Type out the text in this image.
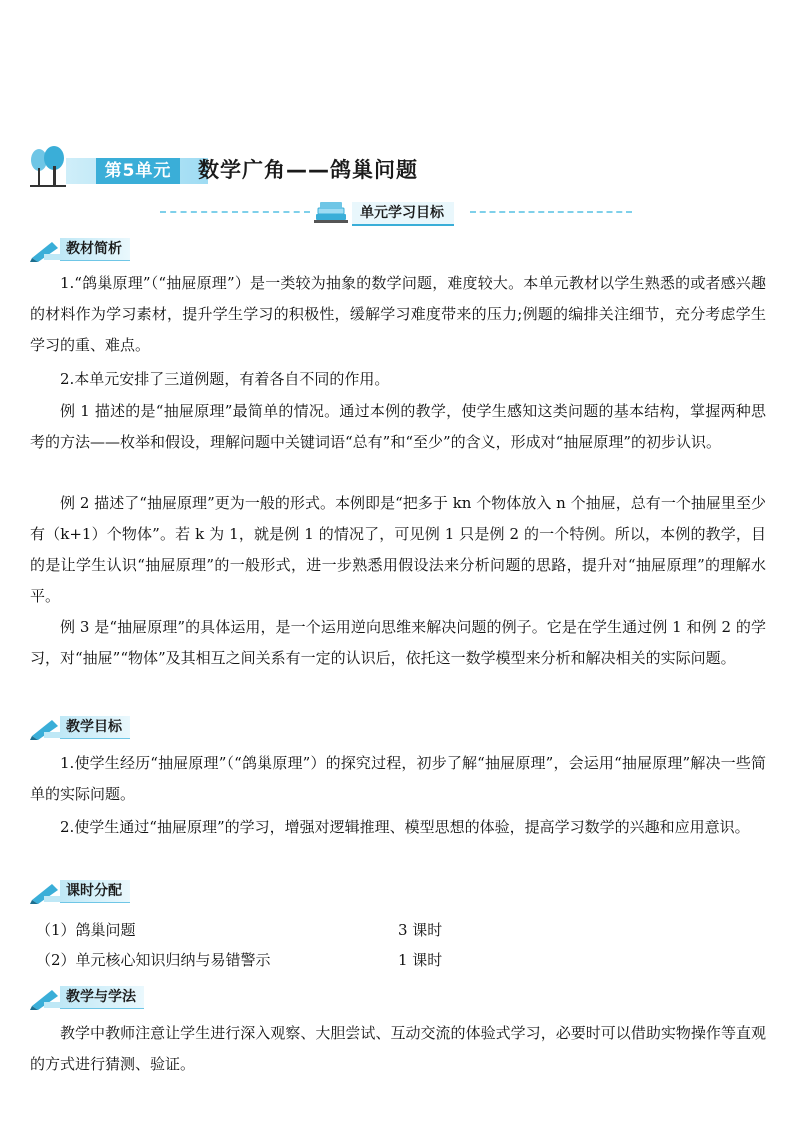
第5单元	数学广角——鸽巢问题
单元学习目标
教材简析
1.“鸽巢原理”（“抽屉原理”）是一类较为抽象的数学问题，难度较大。本单元教材以学生熟悉的或者感兴趣的材料作为学习素材，提升学生学习的积极性，缓解学习难度带来的压力;例题的编排关注细节，充分考虑学生学习的重、难点。
2.本单元安排了三道例题，有着各自不同的作用。
例 1 描述的是“抽屉原理”最简单的情况。通过本例的教学，使学生感知这类问题的基本结构，掌握两种思考的方法——枚举和假设，理解问题中关键词语“总有”和“至少”的含义，形成对“抽屉原理”的初步认识。
例 2 描述了“抽屉原理”更为一般的形式。本例即是“把多于 kn 个物体放入 n 个抽屉，总有一个抽屉里至少有（k+1）个物体”。若 k 为 1，就是例 1 的情况了，可见例 1 只是例 2 的一个特例。所以，本例的教学，目的是让学生认识“抽屉原理”的一般形式，进一步熟悉用假设法来分析问题的思路，提升对“抽屉原理”的理解水平。
例 3 是“抽屉原理”的具体运用，是一个运用逆向思维来解决问题的例子。它是在学生通过例 1 和例 2 的学习，对“抽屉”“物体”及其相互之间关系有一定的认识后，依托这一数学模型来分析和解决相关的实际问题。
教学目标
1.使学生经历“抽屉原理”（“鸽巢原理”）的探究过程，初步了解“抽屉原理”，会运用“抽屉原理”解决一些简单的实际问题。
2.使学生通过“抽屉原理”的学习，增强对逻辑推理、模型思想的体验，提高学习数学的兴趣和应用意识。
课时分配
（1）鸽巢问题	3 课时
（2）单元核心知识归纳与易错警示	1 课时
教学与学法
教学中教师注意让学生进行深入观察、大胆尝试、互动交流的体验式学习，必要时可以借助实物操作等直观的方式进行猜测、验证。
